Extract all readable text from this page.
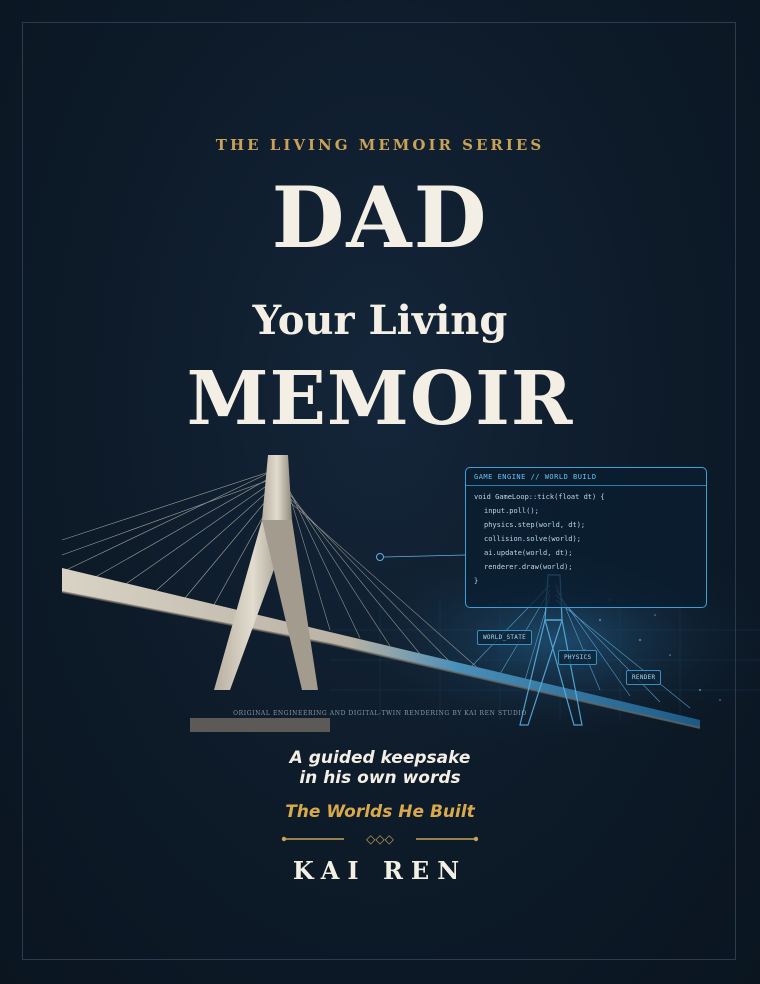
THE LIVING MEMOIR SERIES
DAD
Your Living
MEMOIR
GAME ENGINE // WORLD BUILD
void GameLoop::tick(float dt) {
input.poll();
physics.step(world, dt);
collision.solve(world);
ai.update(world, dt);
renderer.draw(world);
}
WORLD_STATE
PHYSICS
RENDER
ORIGINAL ENGINEERING AND DIGITAL-TWIN RENDERING BY KAI REN STUDIO
A guided keepsake
in his own words
The Worlds He Built
◇◇◇
KAI REN
